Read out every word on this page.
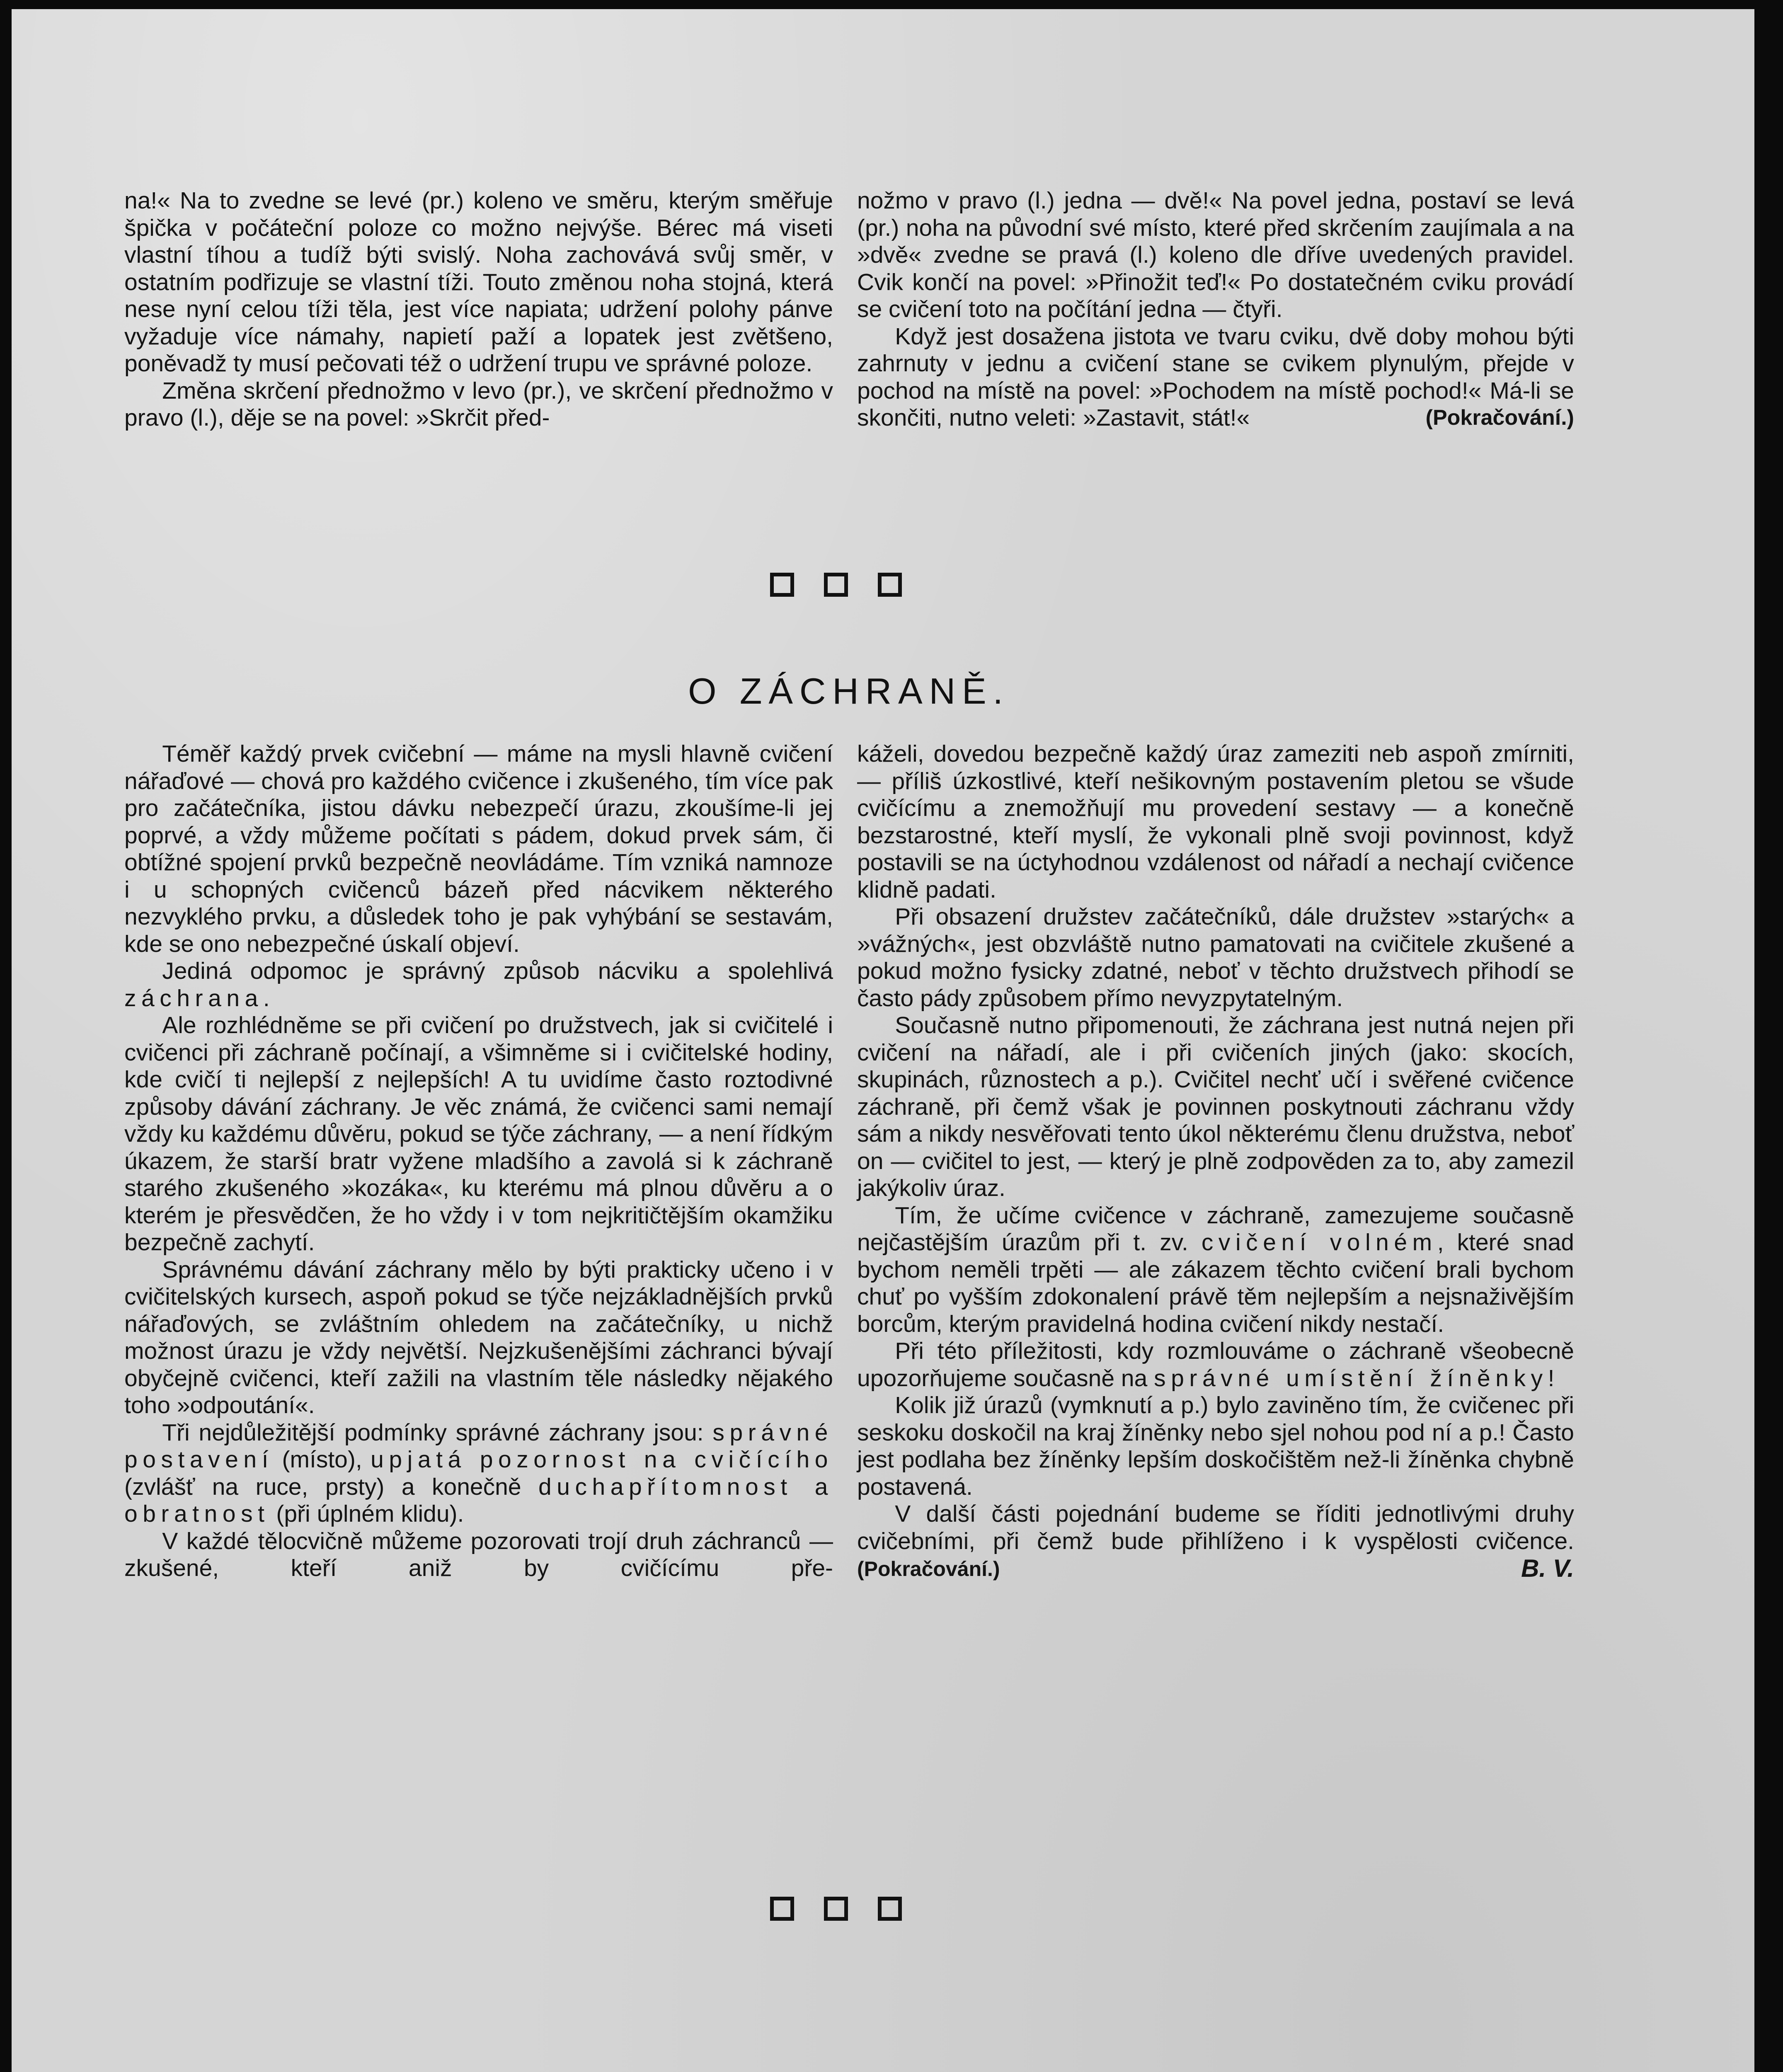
na!« Na to zvedne se levé (pr.) koleno ve směru, kterým směřuje špička v počáteční poloze co možno nejvýše. Bérec má viseti vlastní tíhou a tudíž býti svislý. Noha zachovává svůj směr, v ostatním podřizuje se vlastní tíži. Touto změnou noha stojná, která nese nyní celou tíži těla, jest více napiata; udržení polohy pánve vyžaduje více námahy, napietí paží a lopatek jest zvětšeno, poněvadž ty musí pečovati též o udržení trupu ve správné poloze.

Změna skrčení přednožmo v levo (pr.), ve skrčení přednožmo v pravo (l.), děje se na povel: »Skrčit před-

nožmo v pravo (l.) jedna — dvě!« Na povel jedna, postaví se levá (pr.) noha na původní své místo, které před skrčením zaujímala a na »dvě« zvedne se pravá (l.) koleno dle dříve uvedených pravidel. Cvik končí na povel: »Přinožit teď!« Po dostatečném cviku provádí se cvičení toto na počítání jedna — čtyři.

Když jest dosažena jistota ve tvaru cviku, dvě doby mohou býti zahrnuty v jednu a cvičení stane se cvikem plynulým, přejde v pochod na místě na povel: »Pochodem na místě pochod!« Má-li se skončiti, nutno veleti: »Zastavit, stát!«	(Pokračování.)

O ZÁCHRANĚ.

Téměř každý prvek cvičební — máme na mysli hlavně cvičení nářaďové — chová pro každého cvičence i zkušeného, tím více pak pro začátečníka, jistou dávku nebezpečí úrazu, zkoušíme-li jej poprvé, a vždy můžeme počítati s pádem, dokud prvek sám, či obtížné spojení prvků bezpečně neovládáme. Tím vzniká namnoze i u schopných cvičenců bázeň před nácvikem některého nezvyklého prvku, a důsledek toho je pak vyhýbání se sestavám, kde se ono nebezpečné úskalí objeví.

Jediná odpomoc je správný způsob nácviku a spolehlivá záchrana.

Ale rozhlédněme se při cvičení po družstvech, jak si cvičitelé i cvičenci při záchraně počínají, a všimněme si i cvičitelské hodiny, kde cvičí ti nejlepší z nejlepších! A tu uvidíme často roztodivné způsoby dávání záchrany. Je věc známá, že cvičenci sami nemají vždy ku každému důvěru, pokud se týče záchrany, — a není řídkým úkazem, že starší bratr vyžene mladšího a zavolá si k záchraně starého zkušeného »kozáka«, ku kterému má plnou důvěru a o kterém je přesvědčen, že ho vždy i v tom nejkritičtějším okamžiku bezpečně zachytí.

Správnému dávání záchrany mělo by býti prakticky učeno i v cvičitelských kursech, aspoň pokud se týče nejzákladnějších prvků nářaďových, se zvláštním ohledem na začátečníky, u nichž možnost úrazu je vždy největší. Nejzkušenějšími záchranci bývají obyčejně cvičenci, kteří zažili na vlastním těle následky nějakého toho »odpoutání«.

Tři nejdůležitější podmínky správné záchrany jsou: správné postavení (místo), upjatá pozornost na cvičícího (zvlášť na ruce, prsty) a konečně duchapřítomnost a obratnost (při úplném klidu).

V každé tělocvičně můžeme pozorovati trojí druh záchranců — zkušené, kteří aniž by cvičícímu pře-

káželi, dovedou bezpečně každý úraz zameziti neb aspoň zmírniti, — příliš úzkostlivé, kteří nešikovným postavením pletou se všude cvičícímu a znemožňují mu provedení sestavy — a konečně bezstarostné, kteří myslí, že vykonali plně svoji povinnost, když postavili se na úctyhodnou vzdálenost od nářadí a nechají cvičence klidně padati.

Při obsazení družstev začátečníků, dále družstev »starých« a »vážných«, jest obzvláště nutno pamatovati na cvičitele zkušené a pokud možno fysicky zdatné, neboť v těchto družstvech přihodí se často pády způsobem přímo nevyzpytatelným.

Současně nutno připomenouti, že záchrana jest nutná nejen při cvičení na nářadí, ale i při cvičeních jiných (jako: skocích, skupinách, různostech a p.). Cvičitel nechť učí i svěřené cvičence záchraně, při čemž však je povinnen poskytnouti záchranu vždy sám a nikdy nesvěřovati tento úkol některému členu družstva, neboť on — cvičitel to jest, — který je plně zodpověden za to, aby zamezil jakýkoliv úraz.

Tím, že učíme cvičence v záchraně, zamezujeme současně nejčastějším úrazům při t. zv. cvičení volném, které snad bychom neměli trpěti — ale zákazem těchto cvičení brali bychom chuť po vyšším zdokonalení právě těm nejlepším a nejsnaživějším borcům, kterým pravidelná hodina cvičení nikdy nestačí.

Při této příležitosti, kdy rozmlouváme o záchraně všeobecně upozorňujeme současně na správné umístění žíněnky!

Kolik již úrazů (vymknutí a p.) bylo zaviněno tím, že cvičenec při seskoku doskočil na kraj žíněnky nebo sjel nohou pod ní a p.! Často jest podlaha bez žíněnky lepším doskočištěm než-li žíněnka chybně postavená.

V další části pojednání budeme se říditi jednotlivými druhy cvičebními, při čemž bude přihlíženo i k vyspělosti cvičence. (Pokračování.)	B. V.
